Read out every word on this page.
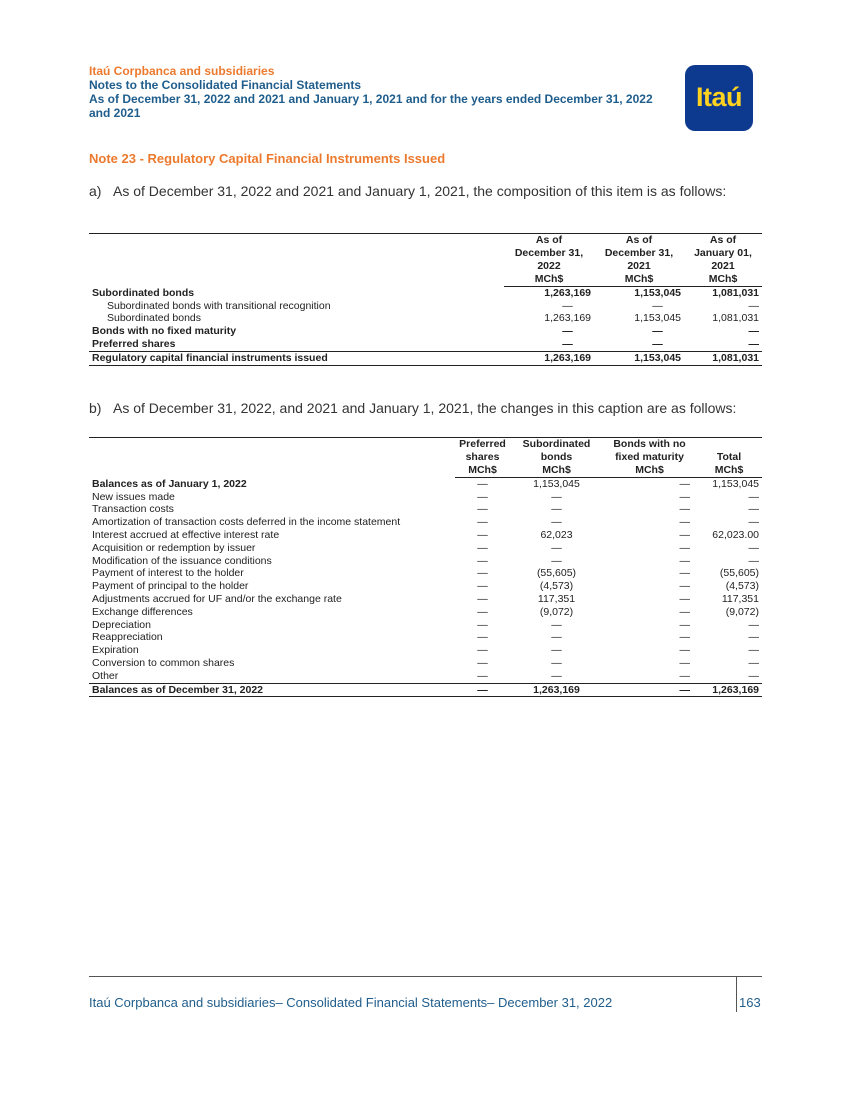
Itaú Corpbanca and subsidiaries
Notes to the Consolidated Financial Statements
As of December 31, 2022 and 2021 and January 1, 2021 and for the years ended December 31, 2022
and 2021
Itaú
Note 23 - Regulatory Capital Financial Instruments Issued
a) As of December 31, 2022 and 2021 and January 1, 2021, the composition of this item is as follows:
	As of
December 31,
2022	As of
December 31,
2021	As of
January 01,
2021
	MCh$	MCh$	MCh$
Subordinated bonds	1,263,169	1,153,045	1,081,031
Subordinated bonds with transitional recognition	—	—	—
Subordinated bonds	1,263,169	1,153,045	1,081,031
Bonds with no fixed maturity	—	—	—
Preferred shares	—	—	—
Regulatory capital financial instruments issued	1,263,169	1,153,045	1,081,031
b) As of December 31, 2022, and 2021 and January 1, 2021, the changes in this caption are as follows:
	Preferred
shares	Subordinated
bonds	Bonds with no
fixed maturity	Total
	MCh$	MCh$	MCh$	MCh$
Balances as of January 1, 2022	—	1,153,045	—	1,153,045
New issues made	—	—	—	—
Transaction costs	—	—	—	—
Amortization of transaction costs deferred in the income statement	—	—	—	—
Interest accrued at effective interest rate	—	62,023	—	62,023.00
Acquisition or redemption by issuer	—	—	—	—
Modification of the issuance conditions	—	—	—	—
Payment of interest to the holder	—	(55,605)	—	(55,605)
Payment of principal to the holder	—	(4,573)	—	(4,573)
Adjustments accrued for UF and/or the exchange rate	—	117,351	—	117,351
Exchange differences	—	(9,072)	—	(9,072)
Depreciation	—	—	—	—
Reappreciation	—	—	—	—
Expiration	—	—	—	—
Conversion to common shares	—	—	—	—
Other	—	—	—	—
Balances as of December 31, 2022	—	1,263,169	—	1,263,169
Itaú Corpbanca and subsidiaries– Consolidated Financial Statements– December 31, 2022	163
